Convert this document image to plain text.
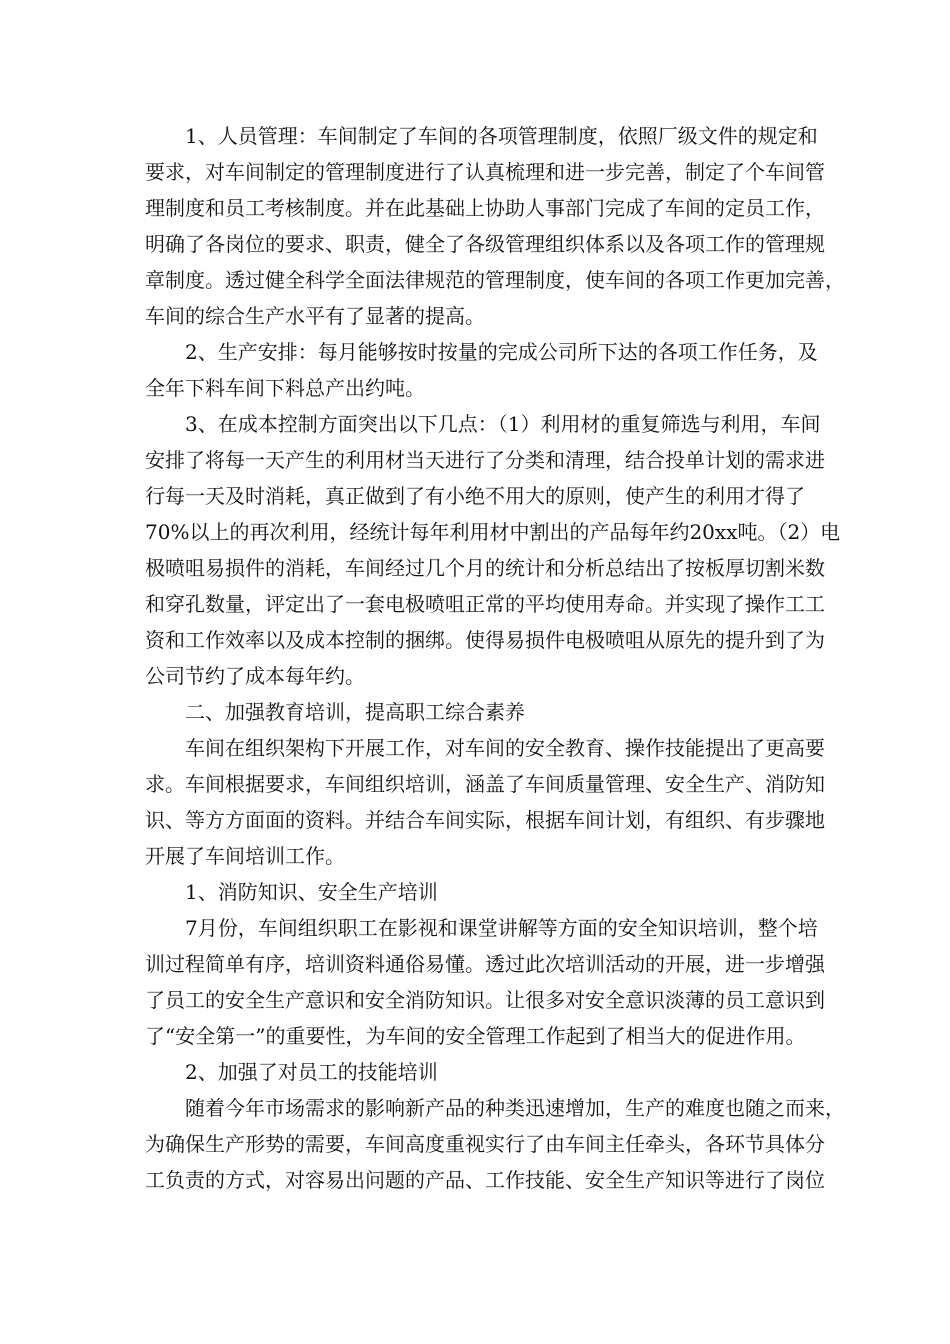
　　1、人员管理：车间制定了车间的各项管理制度，依照厂级文件的规定和
要求，对车间制定的管理制度进行了认真梳理和进一步完善，制定了个车间管
理制度和员工考核制度。并在此基础上协助人事部门完成了车间的定员工作，
明确了各岗位的要求、职责，健全了各级管理组织体系以及各项工作的管理规
章制度。透过健全科学全面法律规范的管理制度，使车间的各项工作更加完善，
车间的综合生产水平有了显著的提高。
　　2、生产安排：每月能够按时按量的完成公司所下达的各项工作任务，及
全年下料车间下料总产出约吨。
　　3、在成本控制方面突出以下几点：（1）利用材的重复筛选与利用，车间
安排了将每一天产生的利用材当天进行了分类和清理，结合投单计划的需求进
行每一天及时消耗，真正做到了有小绝不用大的原则，使产生的利用才得了
70%以上的再次利用，经统计每年利用材中割出的产品每年约20xx吨。（2）电
极喷咀易损件的消耗，车间经过几个月的统计和分析总结出了按板厚切割米数
和穿孔数量，评定出了一套电极喷咀正常的平均使用寿命。并实现了操作工工
资和工作效率以及成本控制的捆绑。使得易损件电极喷咀从原先的提升到了为
公司节约了成本每年约。
　　二、加强教育培训，提高职工综合素养
　　车间在组织架构下开展工作，对车间的安全教育、操作技能提出了更高要
求。车间根据要求，车间组织培训，涵盖了车间质量管理、安全生产、消防知
识、等方方面面的资料。并结合车间实际，根据车间计划，有组织、有步骤地
开展了车间培训工作。
　　1、消防知识、安全生产培训
　　7月份，车间组织职工在影视和课堂讲解等方面的安全知识培训，整个培
训过程简单有序，培训资料通俗易懂。透过此次培训活动的开展，进一步增强
了员工的安全生产意识和安全消防知识。让很多对安全意识淡薄的员工意识到
了“安全第一”的重要性，为车间的安全管理工作起到了相当大的促进作用。
　　2、加强了对员工的技能培训
　　随着今年市场需求的影响新产品的种类迅速增加，生产的难度也随之而来，
为确保生产形势的需要，车间高度重视实行了由车间主任牵头，各环节具体分
工负责的方式，对容易出问题的产品、工作技能、安全生产知识等进行了岗位
